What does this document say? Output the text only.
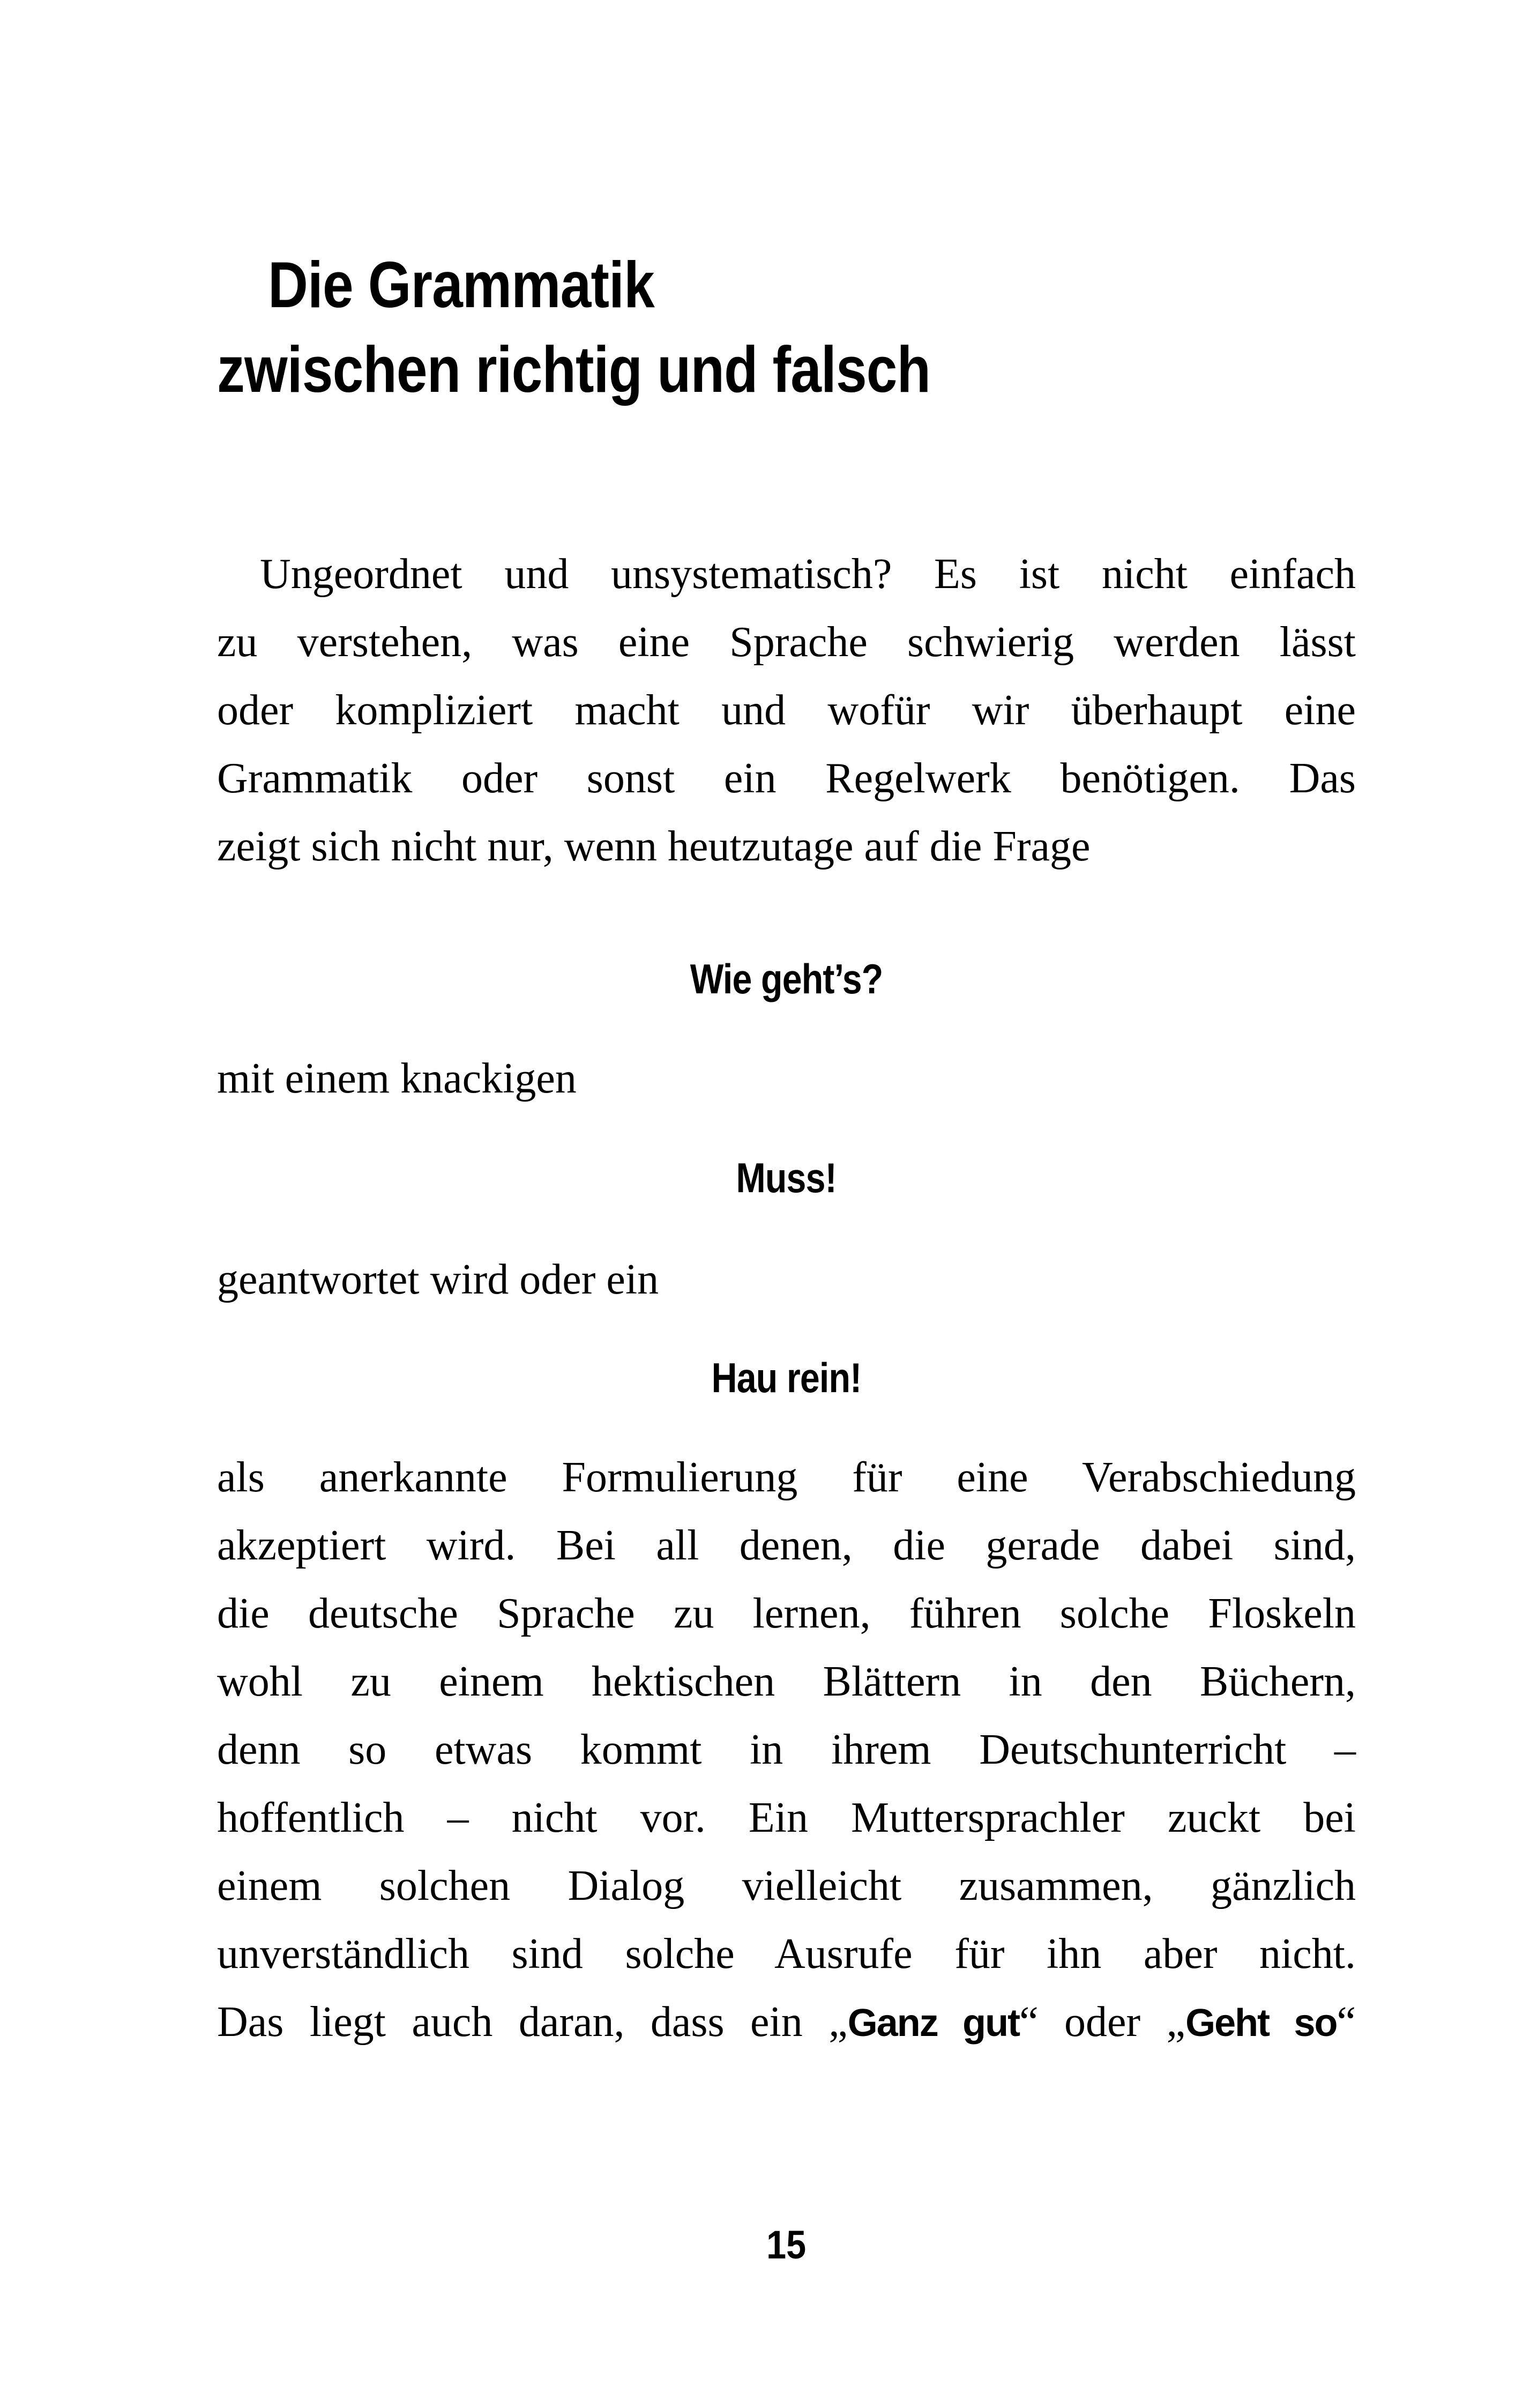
Die Grammatik
zwischen richtig und falsch
Ungeordnet und unsystematisch? Es ist nicht einfach
zu verstehen, was eine Sprache schwierig werden lässt
oder kompliziert macht und wofür wir überhaupt eine
Grammatik oder sonst ein Regelwerk benötigen. Das
zeigt sich nicht nur, wenn heutzutage auf die Frage
Wie geht’s?
mit einem knackigen
Muss!
geantwortet wird oder ein
Hau rein!
als anerkannte Formulierung für eine Verabschiedung
akzeptiert wird. Bei all denen, die gerade dabei sind,
die deutsche Sprache zu lernen, führen solche Floskeln
wohl zu einem hektischen Blättern in den Büchern,
denn so etwas kommt in ihrem Deutschunterricht –
hoffentlich – nicht vor. Ein Muttersprachler zuckt bei
einem solchen Dialog vielleicht zusammen, gänzlich
unverständlich sind solche Ausrufe für ihn aber nicht.
Das liegt auch daran, dass ein „Ganz gut“ oder „Geht so“
15
